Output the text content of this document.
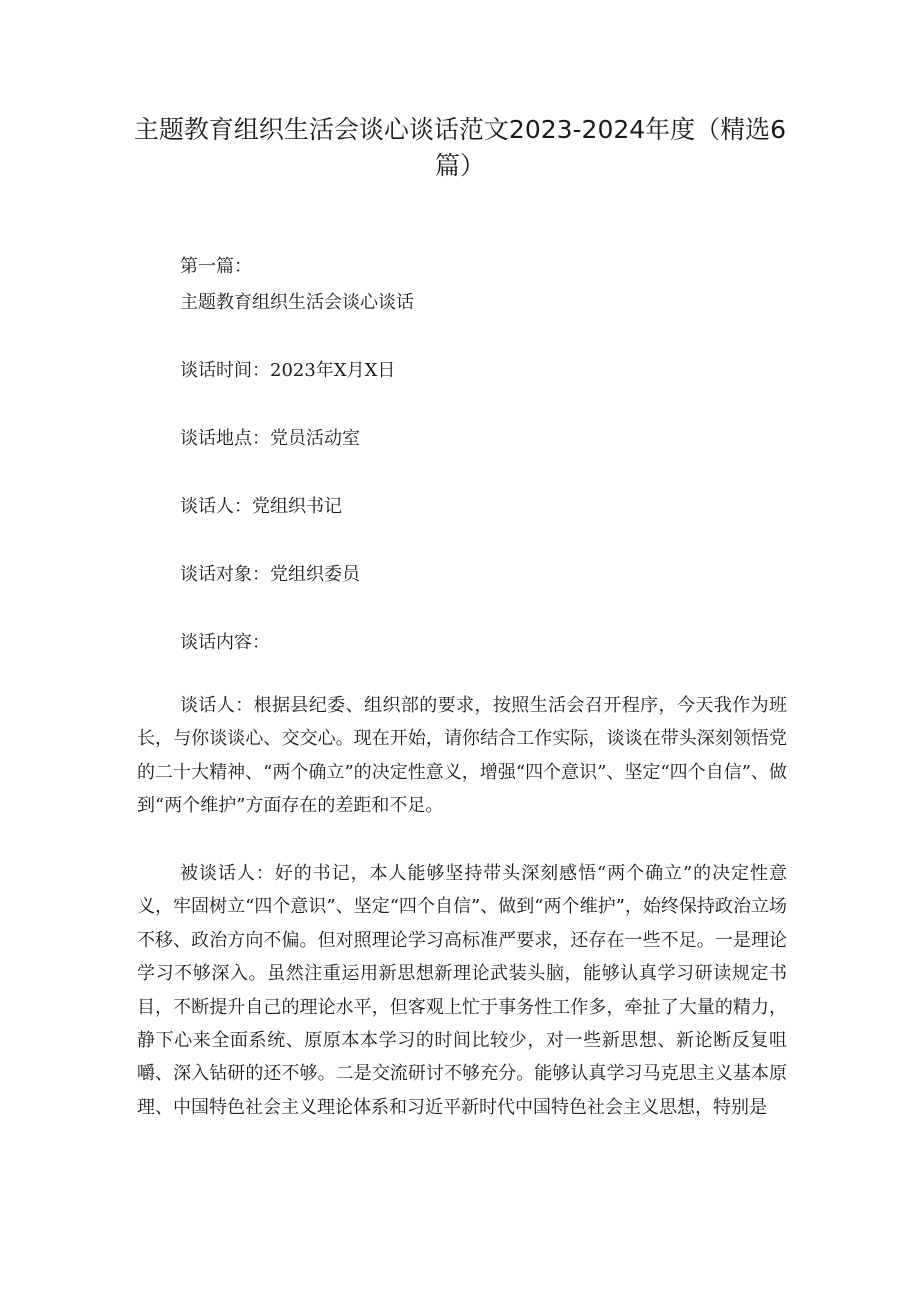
主题教育组织生活会谈心谈话范文2023-2024年度（精选6篇）
第一篇：
主题教育组织生活会谈心谈话
谈话时间：2023年X月X日
谈话地点：党员活动室
谈话人：党组织书记
谈话对象：党组织委员
谈话内容：

谈话人：根据县纪委、组织部的要求，按照生活会召开程序，今天我作为班长，与你谈谈心、交交心。现在开始，请你结合工作实际，谈谈在带头深刻领悟党的二十大精神、“两个确立”的决定性意义，增强“四个意识”、坚定“四个自信”、做到“两个维护”方面存在的差距和不足。

被谈话人：好的书记，本人能够坚持带头深刻感悟“两个确立”的决定性意义，牢固树立“四个意识”、坚定“四个自信”、做到“两个维护”，始终保持政治立场不移、政治方向不偏。但对照理论学习高标准严要求，还存在一些不足。一是理论学习不够深入。虽然注重运用新思想新理论武装头脑，能够认真学习研读规定书目，不断提升自己的理论水平，但客观上忙于事务性工作多，牵扯了大量的精力，静下心来全面系统、原原本本学习的时间比较少，对一些新思想、新论断反复咀嚼、深入钻研的还不够。二是交流研讨不够充分。能够认真学习马克思主义基本原理、中国特色社会主义理论体系和习近平新时代中国特色社会主义思想，特别是
